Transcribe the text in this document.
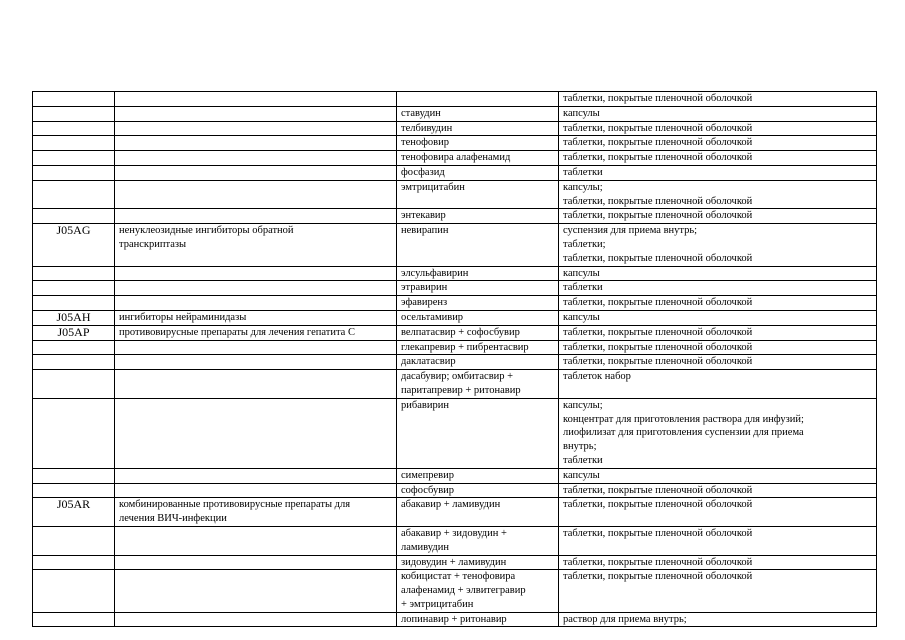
			таблетки, покрытые пленочной оболочкой

		ставудин	капсулы

		телбивудин	таблетки, покрытые пленочной оболочкой

		тенофовир	таблетки, покрытые пленочной оболочкой

		тенофовира алафенамид	таблетки, покрытые пленочной оболочкой

		фосфазид	таблетки

		эмтрицитабин	капсулы;
таблетки, покрытые пленочной оболочкой

		энтекавир	таблетки, покрытые пленочной оболочкой

J05AG	ненуклеозидные ингибиторы обратной
транскриптазы	невирапин	суспензия для приема внутрь;
таблетки;
таблетки, покрытые пленочной оболочкой

		элсульфавирин	капсулы

		этравирин	таблетки

		эфавиренз	таблетки, покрытые пленочной оболочкой

J05AH	ингибиторы нейраминидазы	осельтамивир	капсулы

J05AP	противовирусные препараты для лечения гепатита С	велпатасвир + софосбувир	таблетки, покрытые пленочной оболочкой

		глекапревир + пибрентасвир	таблетки, покрытые пленочной оболочкой

		даклатасвир	таблетки, покрытые пленочной оболочкой

		дасабувир; омбитасвир +
паритапревир + ритонавир	таблеток набор

		рибавирин	капсулы;
концентрат для приготовления раствора для инфузий;
лиофилизат для приготовления суспензии для приема
внутрь;
таблетки

		симепревир	капсулы

		софосбувир	таблетки, покрытые пленочной оболочкой

J05AR	комбинированные противовирусные препараты для
лечения ВИЧ-инфекции	абакавир + ламивудин	таблетки, покрытые пленочной оболочкой

		абакавир + зидовудин +
ламивудин	таблетки, покрытые пленочной оболочкой

		зидовудин + ламивудин	таблетки, покрытые пленочной оболочкой

		кобицистат + тенофовира
алафенамид + элвитегравир
+ эмтрицитабин	таблетки, покрытые пленочной оболочкой

		лопинавир + ритонавир	раствор для приема внутрь;
